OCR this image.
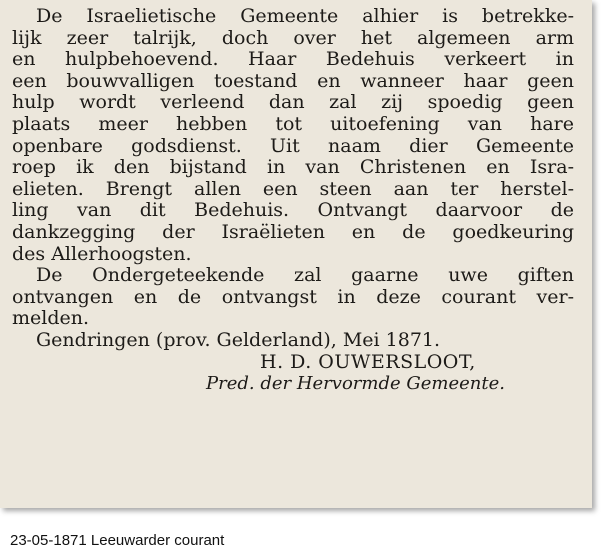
De Israelietische Gemeente alhier is betrekke-
lijk zeer talrijk, doch over het algemeen arm
en hulpbehoevend. Haar Bedehuis verkeert in
een bouwvalligen toestand en wanneer haar geen
hulp wordt verleend dan zal zij spoedig geen
plaats meer hebben tot uitoefening van hare
openbare godsdienst. Uit naam dier Gemeente
roep ik den bijstand in van Christenen en Isra-
elieten. Brengt allen een steen aan ter herstel-
ling van dit Bedehuis. Ontvangt daarvoor de
dankzegging der Israëlieten en de goedkeuring
des Allerhoogsten.
De Ondergeteekende zal gaarne uwe giften
ontvangen en de ontvangst in deze courant ver-
melden.
Gendringen (prov. Gelderland), Mei 1871.
H. D. OUWERSLOOT,
Pred. der Hervormde Gemeente.
23-05-1871 Leeuwarder courant
